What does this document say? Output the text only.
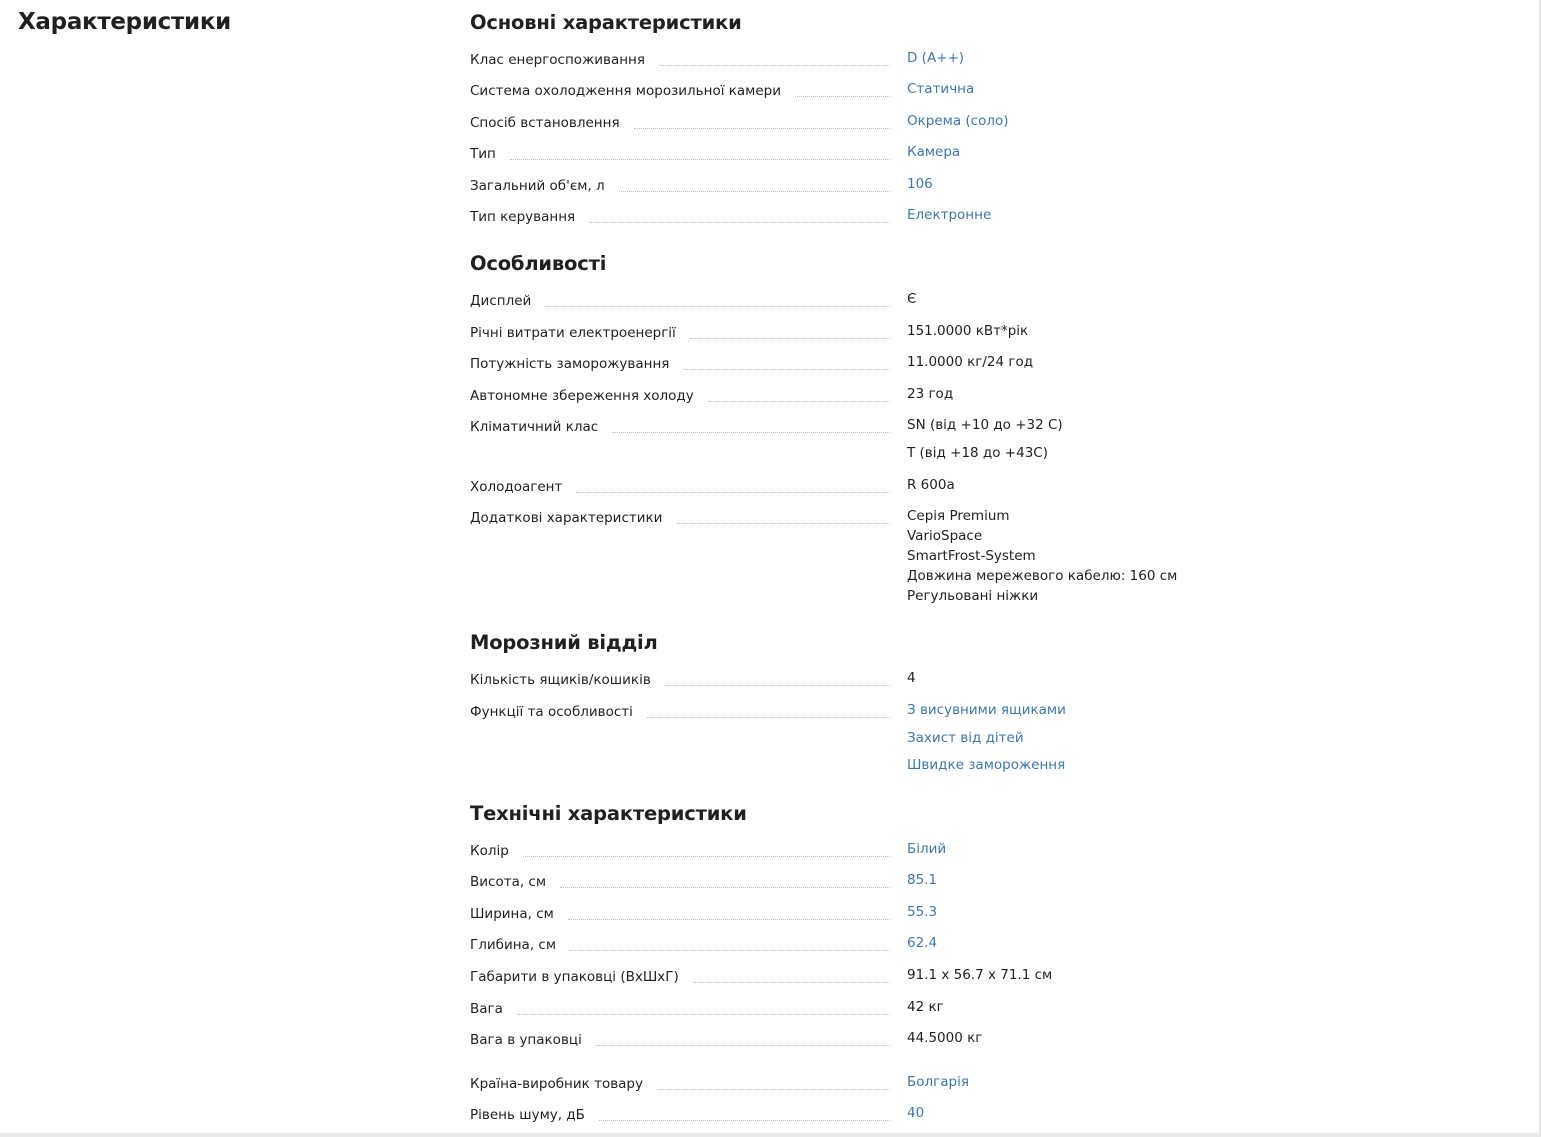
Характеристики	Основні характеристики
Клас енергоспоживання	D (A++)
Система охолодження морозильної камери	Статична
Спосіб встановлення	Окрема (соло)
Тип	Камера
Загальний об'єм, л	106
Тип керування	Електронне
Особливості
Дисплей	Є
Річні витрати електроенергії	151.0000 кВт*рік
Потужність заморожування	11.0000 кг/24 год
Автономне збереження холоду	23 год
Кліматичний клас	SN (від +10 до +32 С)
Т (від +18 до +43С)
Холодоагент	R 600a
Додаткові характеристики	Серія Premium
VarioSpace
SmartFrost-System
Довжина мережевого кабелю: 160 см
Регульовані ніжки
Морозний відділ
Кількість ящиків/кошиків	4
Функції та особливості	З висувними ящиками
Захист від дітей
Швидке замороження
Технічні характеристики
Колір	Білий
Висота, см	85.1
Ширина, см	55.3
Глибина, см	62.4
Габарити в упаковці (ВхШхГ)	91.1 x 56.7 x 71.1 см
Вага	42 кг
Вага в упаковці	44.5000 кг
Країна-виробник товару	Болгарія
Рівень шуму, дБ	40
